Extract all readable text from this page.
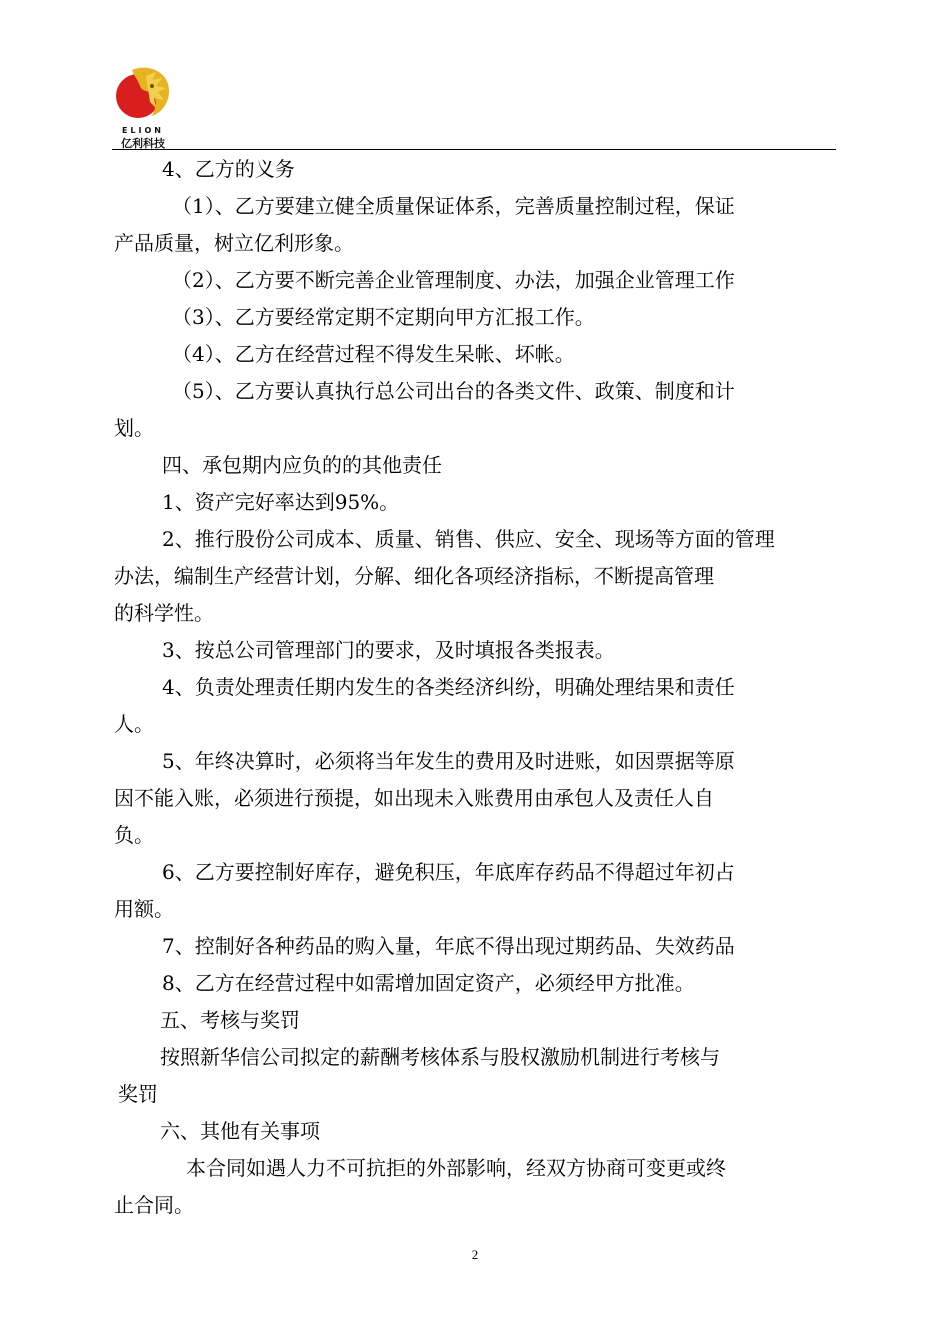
ELION
亿利科技
4、乙方的义务
（1）、乙方要建立健全质量保证体系，完善质量控制过程，保证
产品质量，树立亿利形象。
（2）、乙方要不断完善企业管理制度、办法，加强企业管理工作
（3）、乙方要经常定期不定期向甲方汇报工作。
（4）、乙方在经营过程不得发生呆帐、坏帐。
（5）、乙方要认真执行总公司出台的各类文件、政策、制度和计
划。
四、承包期内应负的的其他责任
1、资产完好率达到95%。
2、推行股份公司成本、质量、销售、供应、安全、现场等方面的管理
办法，编制生产经营计划，分解、细化各项经济指标，不断提高管理
的科学性。
3、按总公司管理部门的要求，及时填报各类报表。
4、负责处理责任期内发生的各类经济纠纷，明确处理结果和责任
人。
5、年终决算时，必须将当年发生的费用及时进账，如因票据等原
因不能入账，必须进行预提，如出现未入账费用由承包人及责任人自
负。
6、乙方要控制好库存，避免积压，年底库存药品不得超过年初占
用额。
7、控制好各种药品的购入量，年底不得出现过期药品、失效药品
8、乙方在经营过程中如需增加固定资产，必须经甲方批准。
五、考核与奖罚
按照新华信公司拟定的薪酬考核体系与股权激励机制进行考核与
奖罚
六、其他有关事项
本合同如遇人力不可抗拒的外部影响，经双方协商可变更或终
止合同。
2
